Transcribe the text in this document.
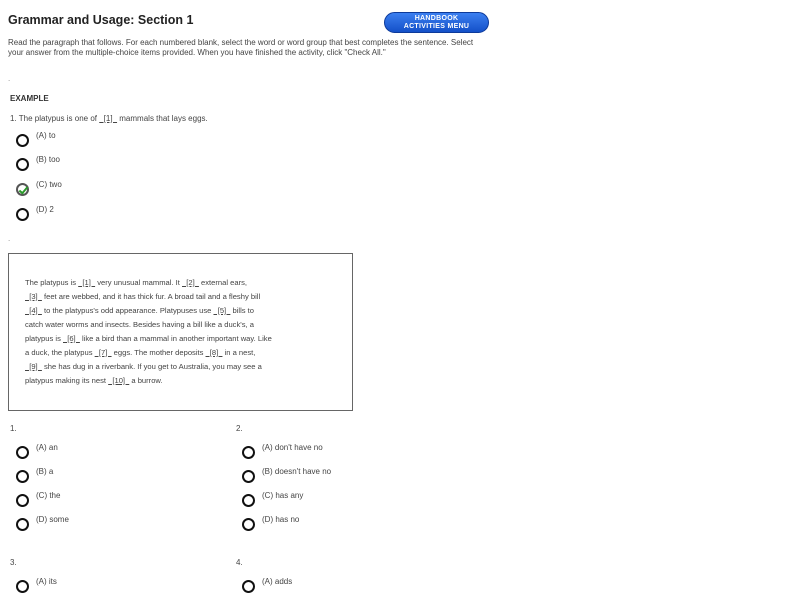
Grammar and Usage: Section 1	HANDBOOK
ACTIVITIES MENU
Read the paragraph that follows. For each numbered blank, select the word or word group that best completes the sentence. Select your answer from the multiple-choice items provided. When you have finished the activity, click "Check All."
.
EXAMPLE
1. The platypus is one of   [1]   mammals that lays eggs.
.
The platypus is   [1]   very unusual mammal. It   [2]   external ears,
[3]   feet are webbed, and it has thick fur. A broad tail and a fleshy bill
[4]   to the platypus's odd appearance. Platypuses use   [5]   bills to
catch water worms and insects. Besides having a bill like a duck's, a
platypus is   [6]   like a bird than a mammal in another important way. Like
a duck, the platypus   [7]   eggs. The mother deposits   [8]   in a nest,
[9]   she has dug in a riverbank. If you get to Australia, you may see a
platypus making its nest   [10]   a burrow.
(A) to
(B) too
(C) two
(D) 2
1.
(A) an
(B) a
(C) the
(D) some
2.
(A) don't have no
(B) doesn't have no
(C) has any
(D) has no
3.
(A) its
4.
(A) adds
